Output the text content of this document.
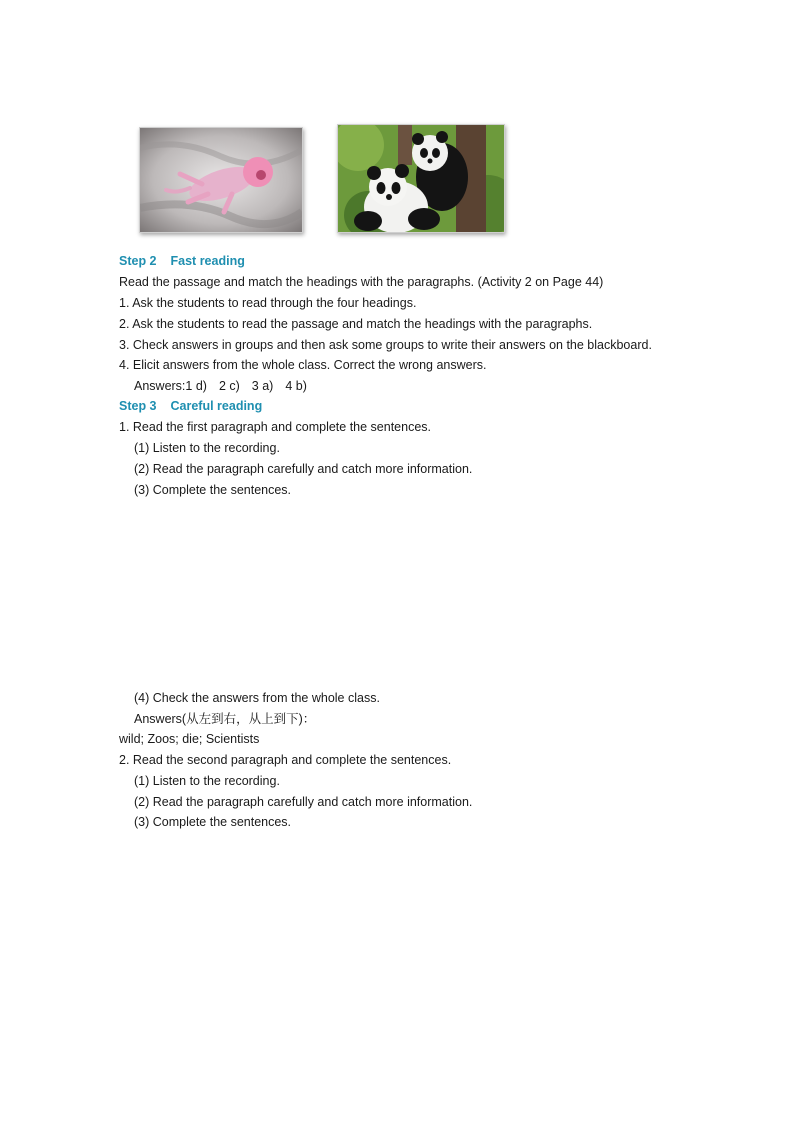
Step 2 Fast reading
Read the passage and match the headings with the paragraphs. (Activity 2 on Page 44)
1. Ask the students to read through the four headings.
2. Ask the students to read the passage and match the headings with the paragraphs.
3. Check answers in groups and then ask some groups to write their answers on the blackboard.
4. Elicit answers from the whole class. Correct the wrong answers.
Answers:1 d) 2 c) 3 a) 4 b)
Step 3 Careful reading
1. Read the first paragraph and complete the sentences.
(1) Listen to the recording.
(2) Read the paragraph carefully and catch more information.
(3) Complete the sentences.
(4) Check the answers from the whole class.
Answers(从左到右，从上到下)：
wild; Zoos; die; Scientists
2. Read the second paragraph and complete the sentences.
(1) Listen to the recording.
(2) Read the paragraph carefully and catch more information.
(3) Complete the sentences.
